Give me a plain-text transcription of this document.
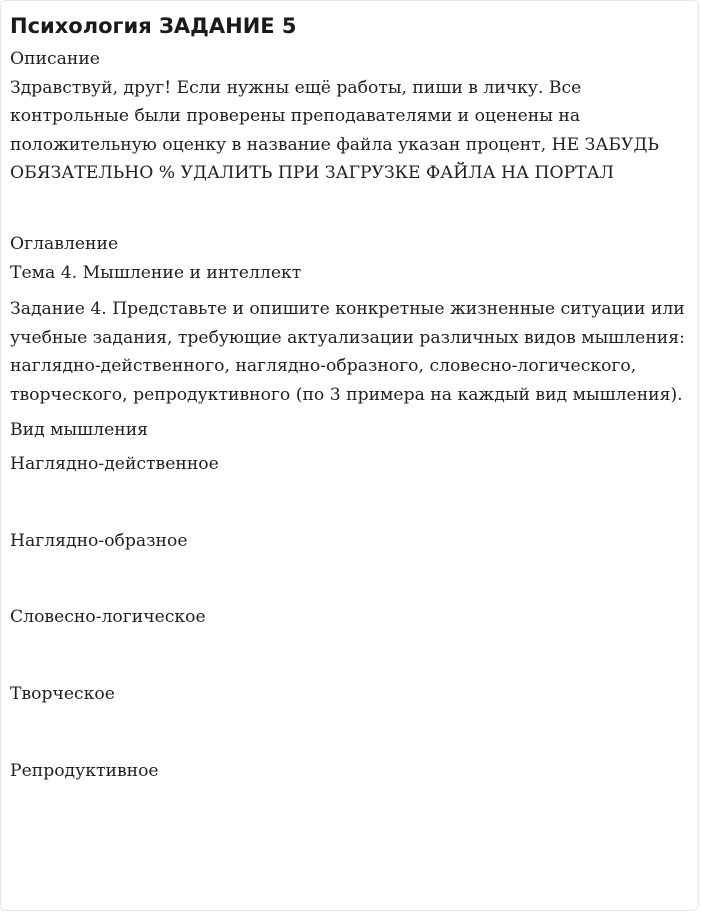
Психология ЗАДАНИЕ 5

Описание

Здравствуй, друг! Если нужны ещё работы, пиши в личку. Все контрольные были проверены преподавателями и оценены на положительную оценку в название файла указан процент, НЕ ЗАБУДЬ ОБЯЗАТЕЛЬНО % УДАЛИТЬ ПРИ ЗАГРУЗКЕ ФАЙЛА НА ПОРТАЛ

Оглавление

Тема 4. Мышление и интеллект

Задание 4. Представьте и опишите конкретные жизненные ситуации или учебные задания, требующие актуализации различных видов мышления: наглядно-действенного, наглядно-образного, словесно-логического, творческого, репродуктивного (по 3 примера на каждый вид мышления).

Вид мышления

Наглядно-действенное

Наглядно-образное

Словесно-логическое

Творческое

Репродуктивное
